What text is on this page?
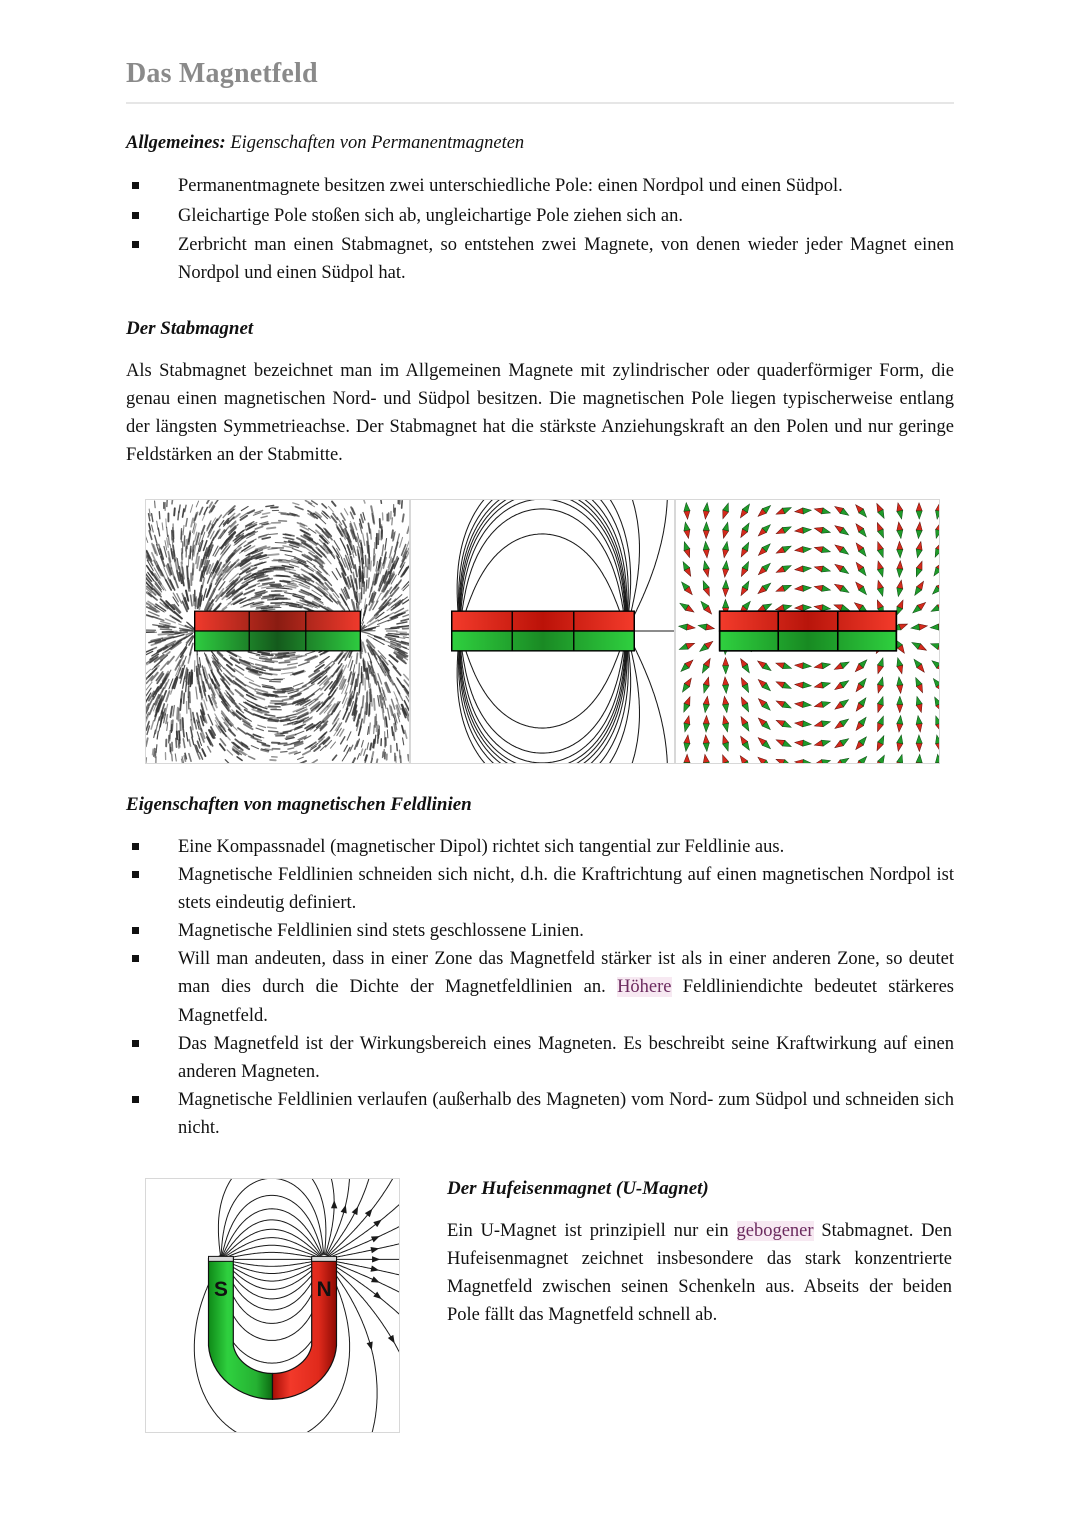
Das Magnetfeld

Allgemeines: Eigenschaften von Permanentmagneten

Permanentmagnete besitzen zwei unterschiedliche Pole: einen Nordpol und einen Südpol.
Gleichartige Pole stoßen sich ab, ungleichartige Pole ziehen sich an.
Zerbricht man einen Stabmagnet, so entstehen zwei Magnete, von denen wieder jeder Magnet einen Nordpol und einen Südpol hat.
Der Stabmagnet

Als Stabmagnet bezeichnet man im Allgemeinen Magnete mit zylindrischer oder quaderförmiger Form, die genau einen magnetischen Nord- und Südpol besitzen. Die magnetischen Pole liegen typischerweise entlang der längsten Symmetrieachse. Der Stabmagnet hat die stärkste Anziehungskraft an den Polen und nur geringe Feldstärken an der Stabmitte.

Eigenschaften von magnetischen Feldlinien
Eine Kompassnadel (magnetischer Dipol) richtet sich tangential zur Feldlinie aus.
Magnetische Feldlinien schneiden sich nicht, d.h. die Kraftrichtung auf einen magnetischen Nordpol ist stets eindeutig definiert.
Magnetische Feldlinien sind stets geschlossene Linien.
Will man andeuten, dass in einer Zone das Magnetfeld stärker ist als in einer anderen Zone, so deutet man dies durch die Dichte der Magnetfeldlinien an. Höhere Feldliniendichte bedeutet stärkeres Magnetfeld.
Das Magnetfeld ist der Wirkungsbereich eines Magneten. Es beschreibt seine Kraftwirkung auf einen anderen Magneten.
Magnetische Feldlinien verlaufen (außerhalb des Magneten) vom Nord- zum Südpol und schneiden sich nicht.
S	N
Der Hufeisenmagnet (U-Magnet)

Ein U-Magnet ist prinzipiell nur ein gebogener Stabmagnet. Den Hufeisenmagnet zeichnet insbesondere das stark konzentrierte Magnetfeld zwischen seinen Schenkeln aus. Abseits der beiden Pole fällt das Magnetfeld schnell ab.
